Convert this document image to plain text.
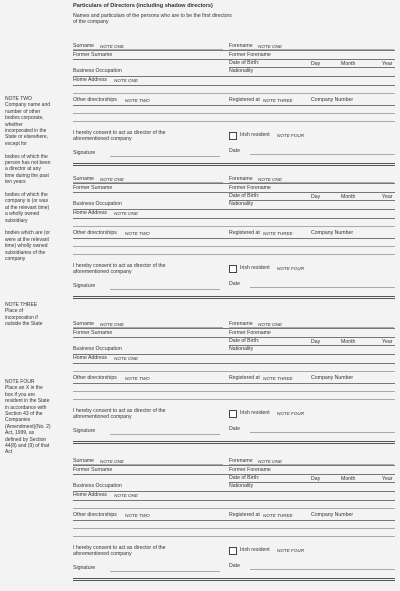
Particulars of Directors (including shadow directors)
Names and particulars of the persons who are to be the first directors of the company

NOTE TWO

Company name and

number of other

bodies corporate,

whether

incorporated in the

State or elsewhere,

except for

bodies of which the

person has not been

a director at any

time during the past

ten years

bodies of which the

company is (or was

at the relevant time)

a wholly owned

subsidiary

bodies which are (or

were at the relevant

time) wholly owned

subsidiaries of the

company

NOTE THREE

Place of

incorporation if

outside the State

NOTE FOUR

Place an X in the

box if you are

resident in the State

in accordance with

Section 43 of the

Companies

(Amendment)(No. 2)

Act, 1999, as

defined by Section

44(8) and (9) of that

Act

Surname NOTE ONE	Forename NOTE ONE
Former Surname	Former Forename
Date of Birth:	Day	Month	Year
Business Occupation	Nationality
Home Address NOTE ONE
Other directorships NOTE TWO	Registered at NOTE THREE	Company Number
I hereby consent to act as director of the
aforementioned company
Irish resident NOTE FOUR
Signature	Date
Surname NOTE ONE	Forename NOTE ONE
Former Surname	Former Forename
Date of Birth:	Day	Month	Year
Business Occupation	Nationality
Home Address NOTE ONE
Other directorships NOTE TWO	Registered at NOTE THREE	Company Number
I hereby consent to act as director of the
aforementioned company
Irish resident NOTE FOUR
Signature	Date
Surname NOTE ONE	Forename NOTE ONE
Former Surname	Former Forename
Date of Birth:	Day	Month	Year
Business Occupation	Nationality
Home Address NOTE ONE
Other directorships NOTE TWO	Registered at NOTE THREE	Company Number
I hereby consent to act as director of the
aforementioned company
Irish resident NOTE FOUR
Signature	Date
Surname NOTE ONE	Forename NOTE ONE
Former Surname	Former Forename
Date of Birth:	Day	Month	Year
Business Occupation	Nationality
Home Address NOTE ONE
Other directorships NOTE TWO	Registered at NOTE THREE	Company Number
I hereby consent to act as director of the
aforementioned company
Irish resident NOTE FOUR
Signature	Date
